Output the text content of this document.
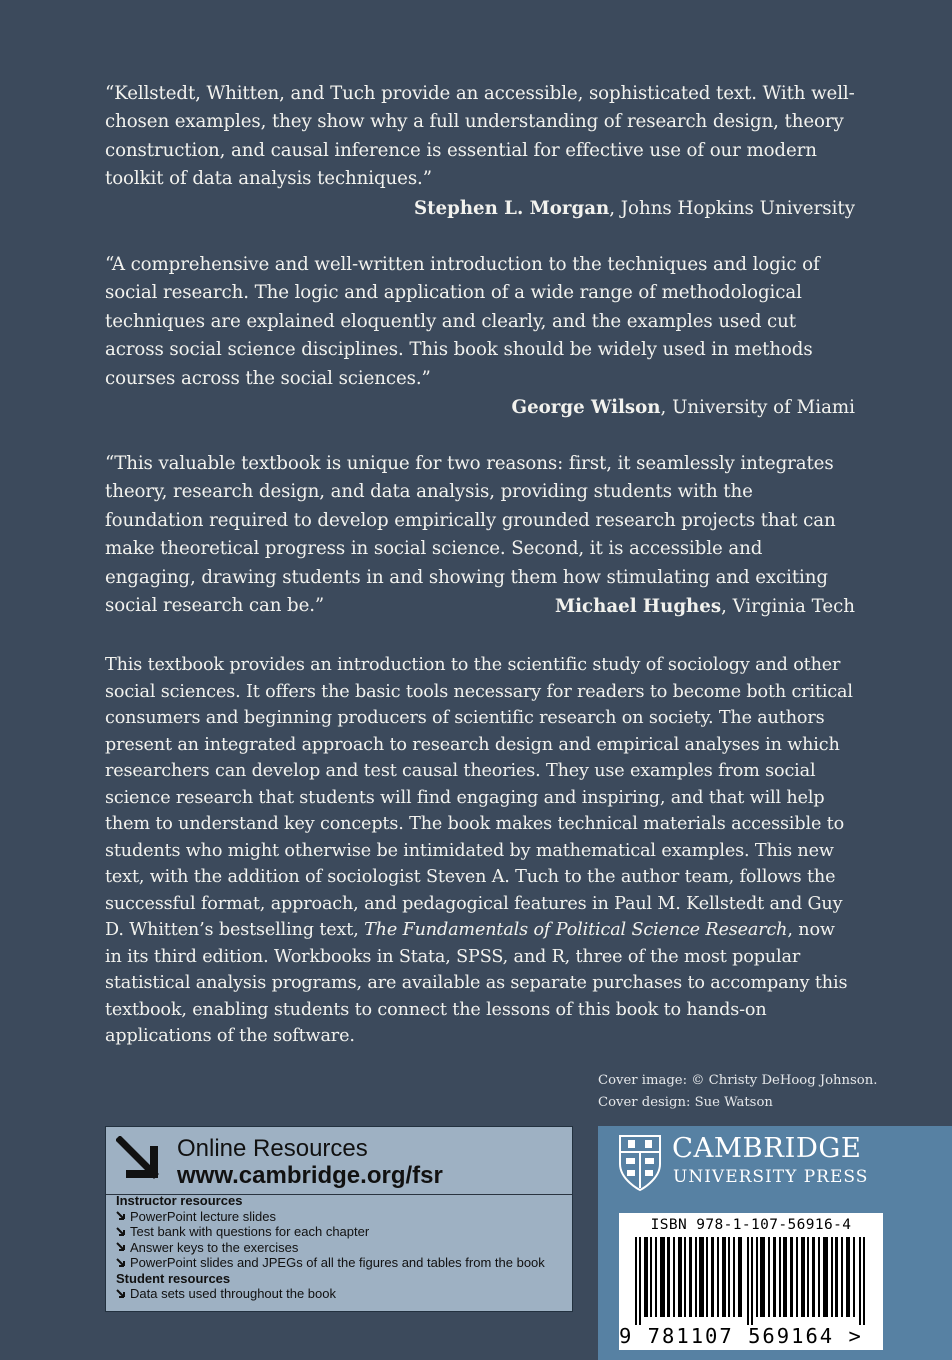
“Kellstedt, Whitten, and Tuch provide an accessible, sophisticated text. With well-chosen examples, they show why a full understanding of research design, theory construction, and causal inference is essential for effective use of our modern toolkit of data analysis techniques.”
Stephen L. Morgan, Johns Hopkins University
“A comprehensive and well-written introduction to the techniques and logic of social research. The logic and application of a wide range of methodological techniques are explained eloquently and clearly, and the examples used cut across social science disciplines. This book should be widely used in methods courses across the social sciences.”
George Wilson, University of Miami
“This valuable textbook is unique for two reasons: first, it seamlessly integrates theory, research design, and data analysis, providing students with the foundation required to develop empirically grounded research projects that can make theoretical progress in social science. Second, it is accessible and engaging, drawing students in and showing them how stimulating and exciting social research can be.”	Michael Hughes, Virginia Tech
This textbook provides an introduction to the scientific study of sociology and other social sciences. It offers the basic tools necessary for readers to become both critical consumers and beginning producers of scientific research on society. The authors present an integrated approach to research design and empirical analyses in which researchers can develop and test causal theories. They use examples from social science research that students will find engaging and inspiring, and that will help them to understand key concepts. The book makes technical materials accessible to students who might otherwise be intimidated by mathematical examples. This new text, with the addition of sociologist Steven A. Tuch to the author team, follows the successful format, approach, and pedagogical features in Paul M. Kellstedt and Guy D. Whitten’s bestselling text, The Fundamentals of Political Science Research, now in its third edition. Workbooks in Stata, SPSS, and R, three of the most popular statistical analysis programs, are available as separate purchases to accompany this textbook, enabling students to connect the lessons of this book to hands-on applications of the software.
Cover image: © Christy DeHoog Johnson.
Cover design: Sue Watson
Online Resources
www.cambridge.org/fsr
Instructor resources
PowerPoint lecture slides
Test bank with questions for each chapter
Answer keys to the exercises
PowerPoint slides and JPEGs of all the figures and tables from the book
Student resources
Data sets used throughout the book
CAMBRIDGE
UNIVERSITY PRESS
ISBN 978-1-107-56916-4
9 781107 569164 >
